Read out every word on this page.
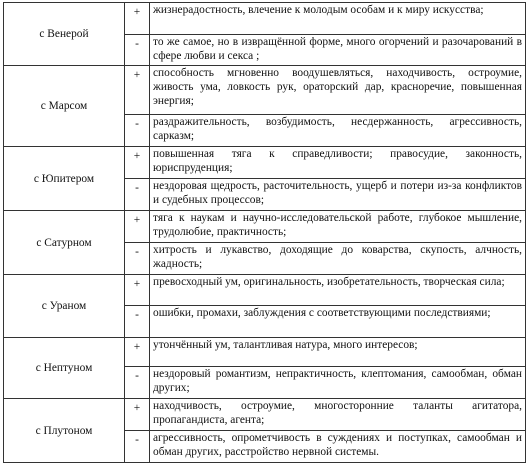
с Венерой	+	жизнерадостность, влечение к молодым особам и к миру искусства;
	-	то же самое, но в извращённой форме, много огорчений и разочарований в сфере любви и секса ;
с Марсом	+	способность мгновенно воодушевляться, находчивость, остроумие, живость ума, ловкость рук, ораторский дар, красноречие, повышенная энергия;
	-	раздражительность, возбудимость, несдержанность, агрессивность, сарказм;
с Юпитером	+	повышенная тяга к справедливости; правосудие, законность, юриспруденция;
	-	нездоровая щедрость, расточительность, ущерб и потери из-за конфликтов и судебных процессов;
с Сатурном	+	тяга к наукам и научно-исследовательской работе, глубокое мышление, трудолюбие, практичность;
	-	хитрость и лукавство, доходящие до коварства, скупость, алчность, жадность;
с Ураном	+	превосходный ум, оригинальность, изобретательность, творческая сила;
	-	ошибки, промахи, заблуждения с соответствующими последствиями;
с Нептуном	+	утончённый ум, талантливая натура, много интересов;
	-	нездоровый романтизм, непрактичность, клептомания, самообман, обман других;
с Плутоном	+	находчивость, остроумие, многосторонние таланты агитатора, пропагандиста, агента;
	-	агрессивность, опрометчивость в суждениях и поступках, самообман и обман других, расстройство нервной системы.
